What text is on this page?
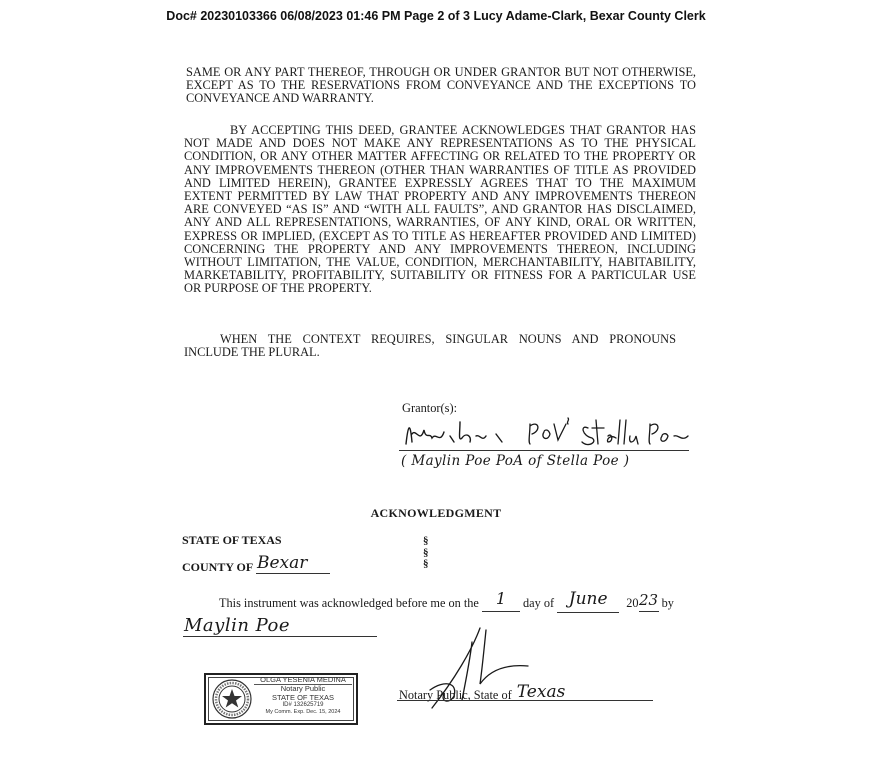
Doc# 20230103366 06/08/2023 01:46 PM Page 2 of 3 Lucy Adame-Clark, Bexar County Clerk
SAME OR ANY PART THEREOF, THROUGH OR UNDER GRANTOR BUT NOT OTHERWISE, EXCEPT AS TO THE RESERVATIONS FROM CONVEYANCE AND THE EXCEPTIONS TO CONVEYANCE AND WARRANTY.
BY ACCEPTING THIS DEED, GRANTEE ACKNOWLEDGES THAT GRANTOR HAS NOT MADE AND DOES NOT MAKE ANY REPRESENTATIONS AS TO THE PHYSICAL CONDITION, OR ANY OTHER MATTER AFFECTING OR RELATED TO THE PROPERTY OR ANY IMPROVEMENTS THEREON (OTHER THAN WARRANTIES OF TITLE AS PROVIDED AND LIMITED HEREIN), GRANTEE EXPRESSLY AGREES THAT TO THE MAXIMUM EXTENT PERMITTED BY LAW THAT PROPERTY AND ANY IMPROVEMENTS THEREON ARE CONVEYED “AS IS” AND “WITH ALL FAULTS”, AND GRANTOR HAS DISCLAIMED, ANY AND ALL REPRESENTATIONS, WARRANTIES, OF ANY KIND, ORAL OR WRITTEN, EXPRESS OR IMPLIED, (EXCEPT AS TO TITLE AS HEREAFTER PROVIDED AND LIMITED) CONCERNING THE PROPERTY AND ANY IMPROVEMENTS THEREON, INCLUDING WITHOUT LIMITATION, THE VALUE, CONDITION, MERCHANTABILITY, HABITABILITY, MARKETABILITY, PROFITABILITY, SUITABILITY OR FITNESS FOR A PARTICULAR USE OR PURPOSE OF THE PROPERTY.
WHEN THE CONTEXT REQUIRES, SINGULAR NOUNS AND PRONOUNS INCLUDE THE PLURAL.
Grantor(s):
( Maylin Poe PoA of Stella Poe )
ACKNOWLEDGMENT
STATE OF TEXAS	§
§
§
COUNTY OF Bexar
This instrument was acknowledged before me on the 1 day of June 2023 by
Maylin Poe
OLGA YESENIA MEDINA
Notary Public
STATE OF TEXAS
ID# 132625719
My Comm. Exp. Dec. 15, 2024
Notary Public, State of Texas
